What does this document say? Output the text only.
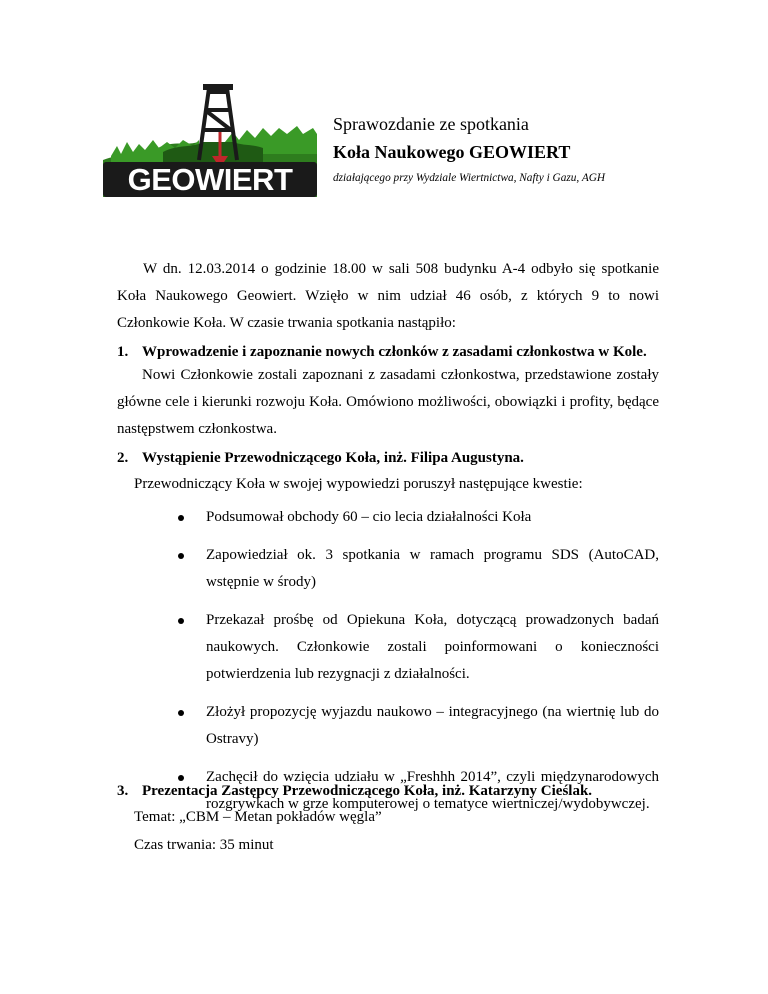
GEOWIERT
Sprawozdanie ze spotkania
Koła Naukowego GEOWIERT
działającego przy Wydziale Wiertnictwa, Nafty i Gazu, AGH
W dn. 12.03.2014 o godzinie 18.00 w sali 508 budynku A-4 odbyło się spotkanie Koła Naukowego Geowiert. Wzięło w nim udział 46 osób, z których 9 to nowi Członkowie Koła. W czasie trwania spotkania nastąpiło:
1. Wprowadzenie i zapoznanie nowych członków z zasadami członkostwa w Kole.
Nowi Członkowie zostali zapoznani z zasadami członkostwa, przedstawione zostały główne cele i kierunki rozwoju Koła. Omówiono możliwości, obowiązki i profity, będące następstwem członkostwa.
2. Wystąpienie Przewodniczącego Koła, inż. Filipa Augustyna.
Przewodniczący Koła w swojej wypowiedzi poruszył następujące kwestie:
Podsumował obchody 60 – cio lecia działalności Koła
Zapowiedział ok. 3 spotkania w ramach programu SDS (AutoCAD, wstępnie w środy)
Przekazał prośbę od Opiekuna Koła, dotyczącą prowadzonych badań naukowych. Członkowie zostali poinformowani o konieczności potwierdzenia lub rezygnacji z działalności.
Złożył propozycję wyjazdu naukowo – integracyjnego (na wiertnię lub do Ostravy)
Zachęcił do wzięcia udziału w „Freshhh 2014”, czyli międzynarodowych rozgrywkach w grze komputerowej o tematyce wiertniczej/wydobywczej.
3. Prezentacja Zastępcy Przewodniczącego Koła, inż. Katarzyny Cieślak.
Temat: „CBM – Metan pokładów węgla”
Czas trwania: 35 minut
